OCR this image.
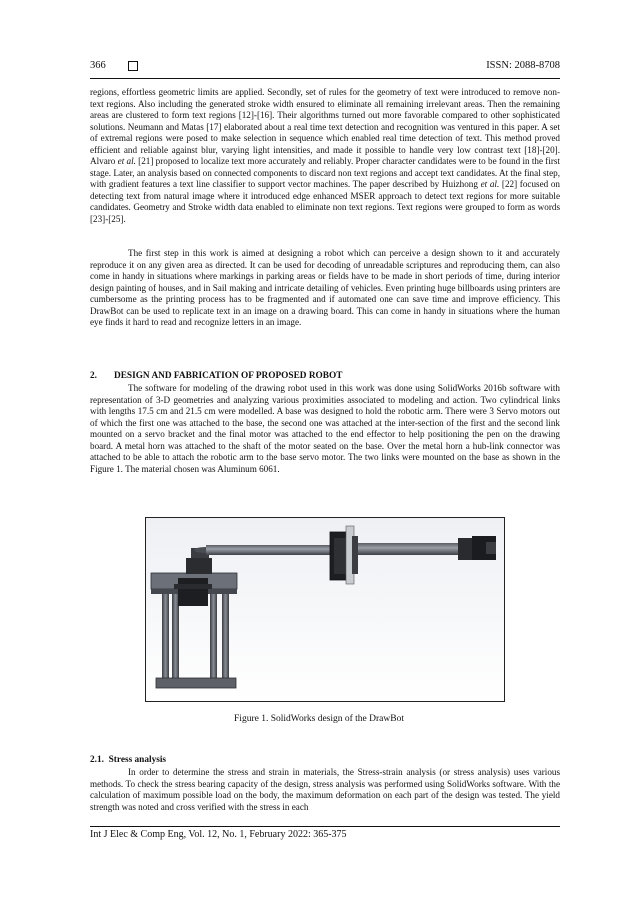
366	ISSN: 2088-8708

regions, effortless geometric limits are applied. Secondly, set of rules for the geometry of text were introduced to remove non-text regions. Also including the generated stroke width ensured to eliminate all remaining irrelevant areas. Then the remaining areas are clustered to form text regions [12]-[16]. Their algorithms turned out more favorable compared to other sophisticated solutions. Neumann and Matas [17] elaborated about a real time text detection and recognition was ventured in this paper. A set of extremal regions were posed to make selection in sequence which enabled real time detection of text. This method proved efficient and reliable against blur, varying light intensities, and made it possible to handle very low contrast text [18]-[20]. Alvaro et al. [21] proposed to localize text more accurately and reliably. Proper character candidates were to be found in the first stage. Later, an analysis based on connected components to discard non text regions and accept text candidates. At the final step, with gradient features a text line classifier to support vector machines. The paper described by Huizhong et al. [22] focused on detecting text from natural image where it introduced edge enhanced MSER approach to detect text regions for more suitable candidates. Geometry and Stroke width data enabled to eliminate non text regions. Text regions were grouped to form as words [23]-[25].

The first step in this work is aimed at designing a robot which can perceive a design shown to it and accurately reproduce it on any given area as directed. It can be used for decoding of unreadable scriptures and reproducing them, can also come in handy in situations where markings in parking areas or fields have to be made in short periods of time, during interior design painting of houses, and in Sail making and intricate detailing of vehicles. Even printing huge billboards using printers are cumbersome as the printing process has to be fragmented and if automated one can save time and improve efficiency. This DrawBot can be used to replicate text in an image on a drawing board. This can come in handy in situations where the human eye finds it hard to read and recognize letters in an image.

2. DESIGN AND FABRICATION OF PROPOSED ROBOT

The software for modeling of the drawing robot used in this work was done using SolidWorks 2016b software with representation of 3-D geometries and analyzing various proximities associated to modeling and action. Two cylindrical links with lengths 17.5 cm and 21.5 cm were modelled. A base was designed to hold the robotic arm. There were 3 Servo motors out of which the first one was attached to the base, the second one was attached at the inter-section of the first and the second link mounted on a servo bracket and the final motor was attached to the end effector to help positioning the pen on the drawing board. A metal horn was attached to the shaft of the motor seated on the base. Over the metal horn a hub-link connector was attached to be able to attach the robotic arm to the base servo motor. The two links were mounted on the base as shown in the Figure 1. The material chosen was Aluminum 6061.

Figure 1. SolidWorks design of the DrawBot
2.1. Stress analysis

In order to determine the stress and strain in materials, the Stress-strain analysis (or stress analysis) uses various methods. To check the stress bearing capacity of the design, stress analysis was performed using SolidWorks software. With the calculation of maximum possible load on the body, the maximum deformation on each part of the design was tested. The yield strength was noted and cross verified with the stress in each

Int J Elec & Comp Eng, Vol. 12, No. 1, February 2022: 365-375
